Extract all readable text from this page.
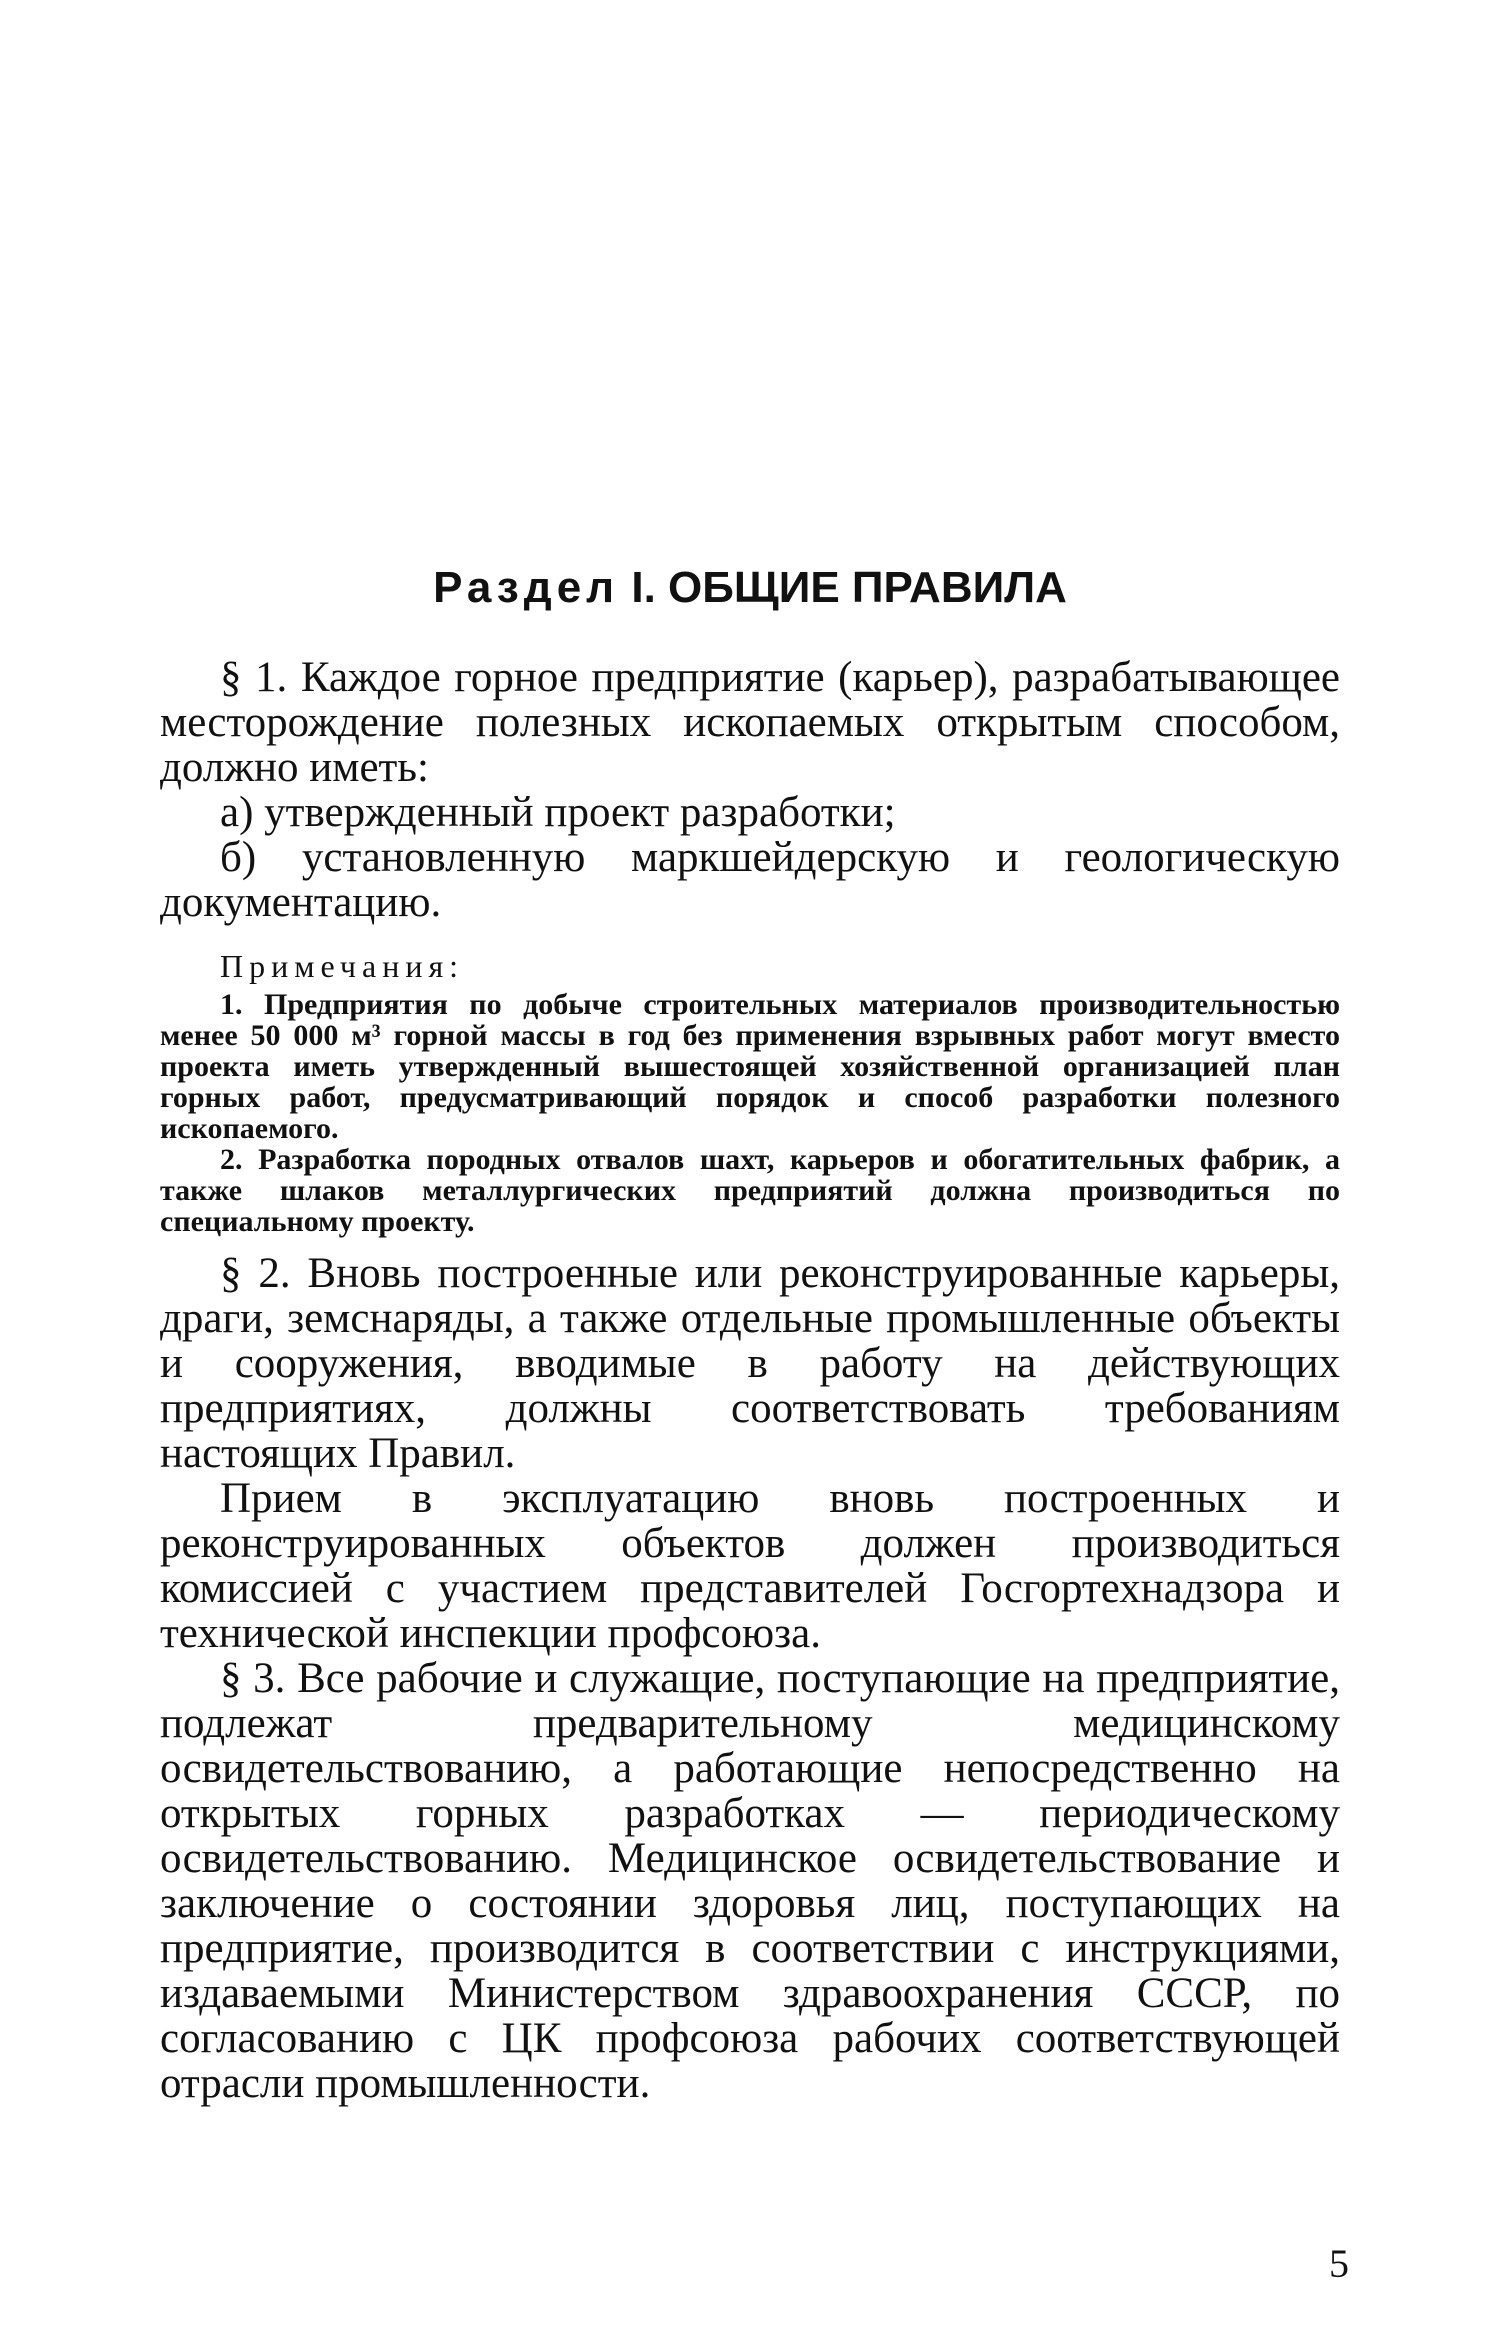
Раздел I. ОБЩИЕ ПРАВИЛА

§ 1. Каждое горное предприятие (карьер), разрабатывающее месторождение полезных ископаемых открытым способом, должно иметь:

а) утвержденный проект разработки;

б) установленную маркшейдерскую и геологическую документацию.

Примечания:

1. Предприятия по добыче строительных материалов производительностью менее 50 000 м³ горной массы в год без применения взрывных работ могут вместо проекта иметь утвержденный вышестоящей хозяйственной организацией план горных работ, предусматривающий порядок и способ разработки полезного ископаемого.

2. Разработка породных отвалов шахт, карьеров и обогатительных фабрик, а также шлаков металлургических предприятий должна производиться по специальному проекту.

§ 2. Вновь построенные или реконструированные карьеры, драги, земснаряды, а также отдельные промышленные объекты и сооружения, вводимые в работу на действующих предприятиях, должны соответствовать требованиям настоящих Правил.

Прием в эксплуатацию вновь построенных и реконструированных объектов должен производиться комиссией с участием представителей Госгортехнадзора и технической инспекции профсоюза.

§ 3. Все рабочие и служащие, поступающие на предприятие, подлежат предварительному медицинскому освидетельствованию, а работающие непосредственно на открытых горных разработках — периодическому освидетельствованию. Медицинское освидетельствование и заключение о состоянии здоровья лиц, поступающих на предприятие, производится в соответствии с инструкциями, издаваемыми Министерством здравоохранения СССР, по согласованию с ЦК профсоюза рабочих соответствующей отрасли промышленности.

5
